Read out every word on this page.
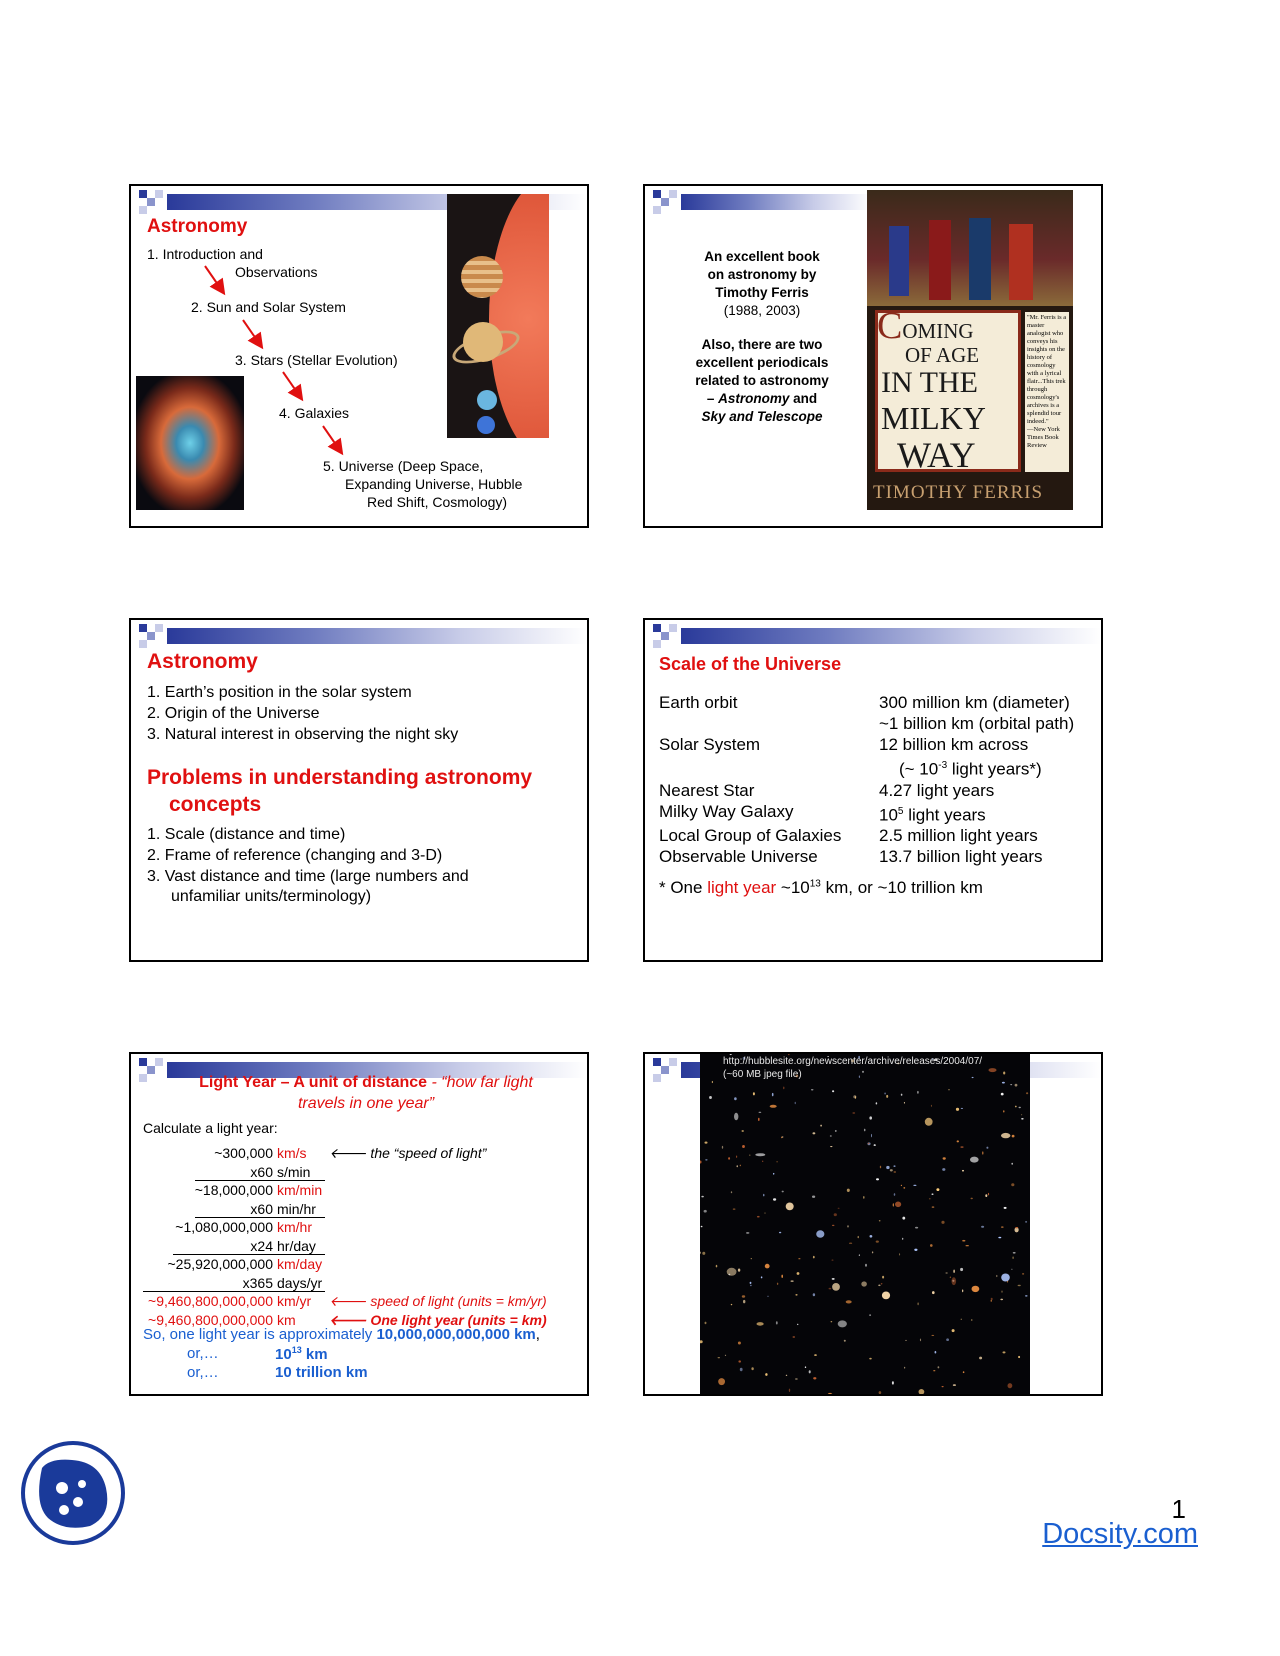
Astronomy
1. Introduction and
Observations
2. Sun and Solar System
3. Stars (Stellar Evolution)
4. Galaxies
5. Universe (Deep Space,
Expanding Universe, Hubble
Red Shift, Cosmology)
An excellent book
on astronomy by
Timothy Ferris
(1988, 2003)
Also, there are two
excellent periodicals
related to astronomy
– Astronomy and
Sky and Telescope
COMING
OF AGE
IN THE
MILKY
WAY
"Mr. Ferris is a master analogist who conveys his insights on the history of cosmology with a lyrical flair...This trek through cosmology's archives is a splendid tour indeed."
—New York Times Book Review
TIMOTHY FERRIS
Astronomy
1. Earth’s position in the solar system
2. Origin of the Universe
3. Natural interest in observing the night sky
Problems in understanding astronomy
concepts
1. Scale (distance and time)
2. Frame of reference (changing and 3-D)
3. Vast distance and time (large numbers and
unfamiliar units/terminology)
Scale of the Universe
Earth orbit	300 million km (diameter)
	~1 billion km (orbital path)
Solar System	12 billion km across
	(~ $10^{-3}$ light years*)
Nearest Star	4.27 light years
Milky Way Galaxy	$10^5$ light years
Local Group of Galaxies	2.5 million light years
Observable Universe	13.7 billion light years
* One light year $\sim 10^{13}$ km, or ~10 trillion km
Light Year – A unit of distance - “how far light
travels in one year”
Calculate a light year:
~300,000 km/s 🡐 the “speed of light”
x60 s/min
~18,000,000 km/min
x60 min/hr
~1,080,000,000 km/hr
x24 hr/day
~25,920,000,000 km/day
x365 days/yr
~9,460,800,000,000 km/yr 🡐 speed of light (units = km/yr)
~9,460,800,000,000 km 🡐 One light year (units = km)
So, one light year is approximately 10,000,000,000,000 km,
or,…	$10^{13}$ km
or,…	10 trillion km
http://hubblesite.org/newscenter/archive/releases/2004/07/
(~60 MB jpeg file)
1
Docsity.com
